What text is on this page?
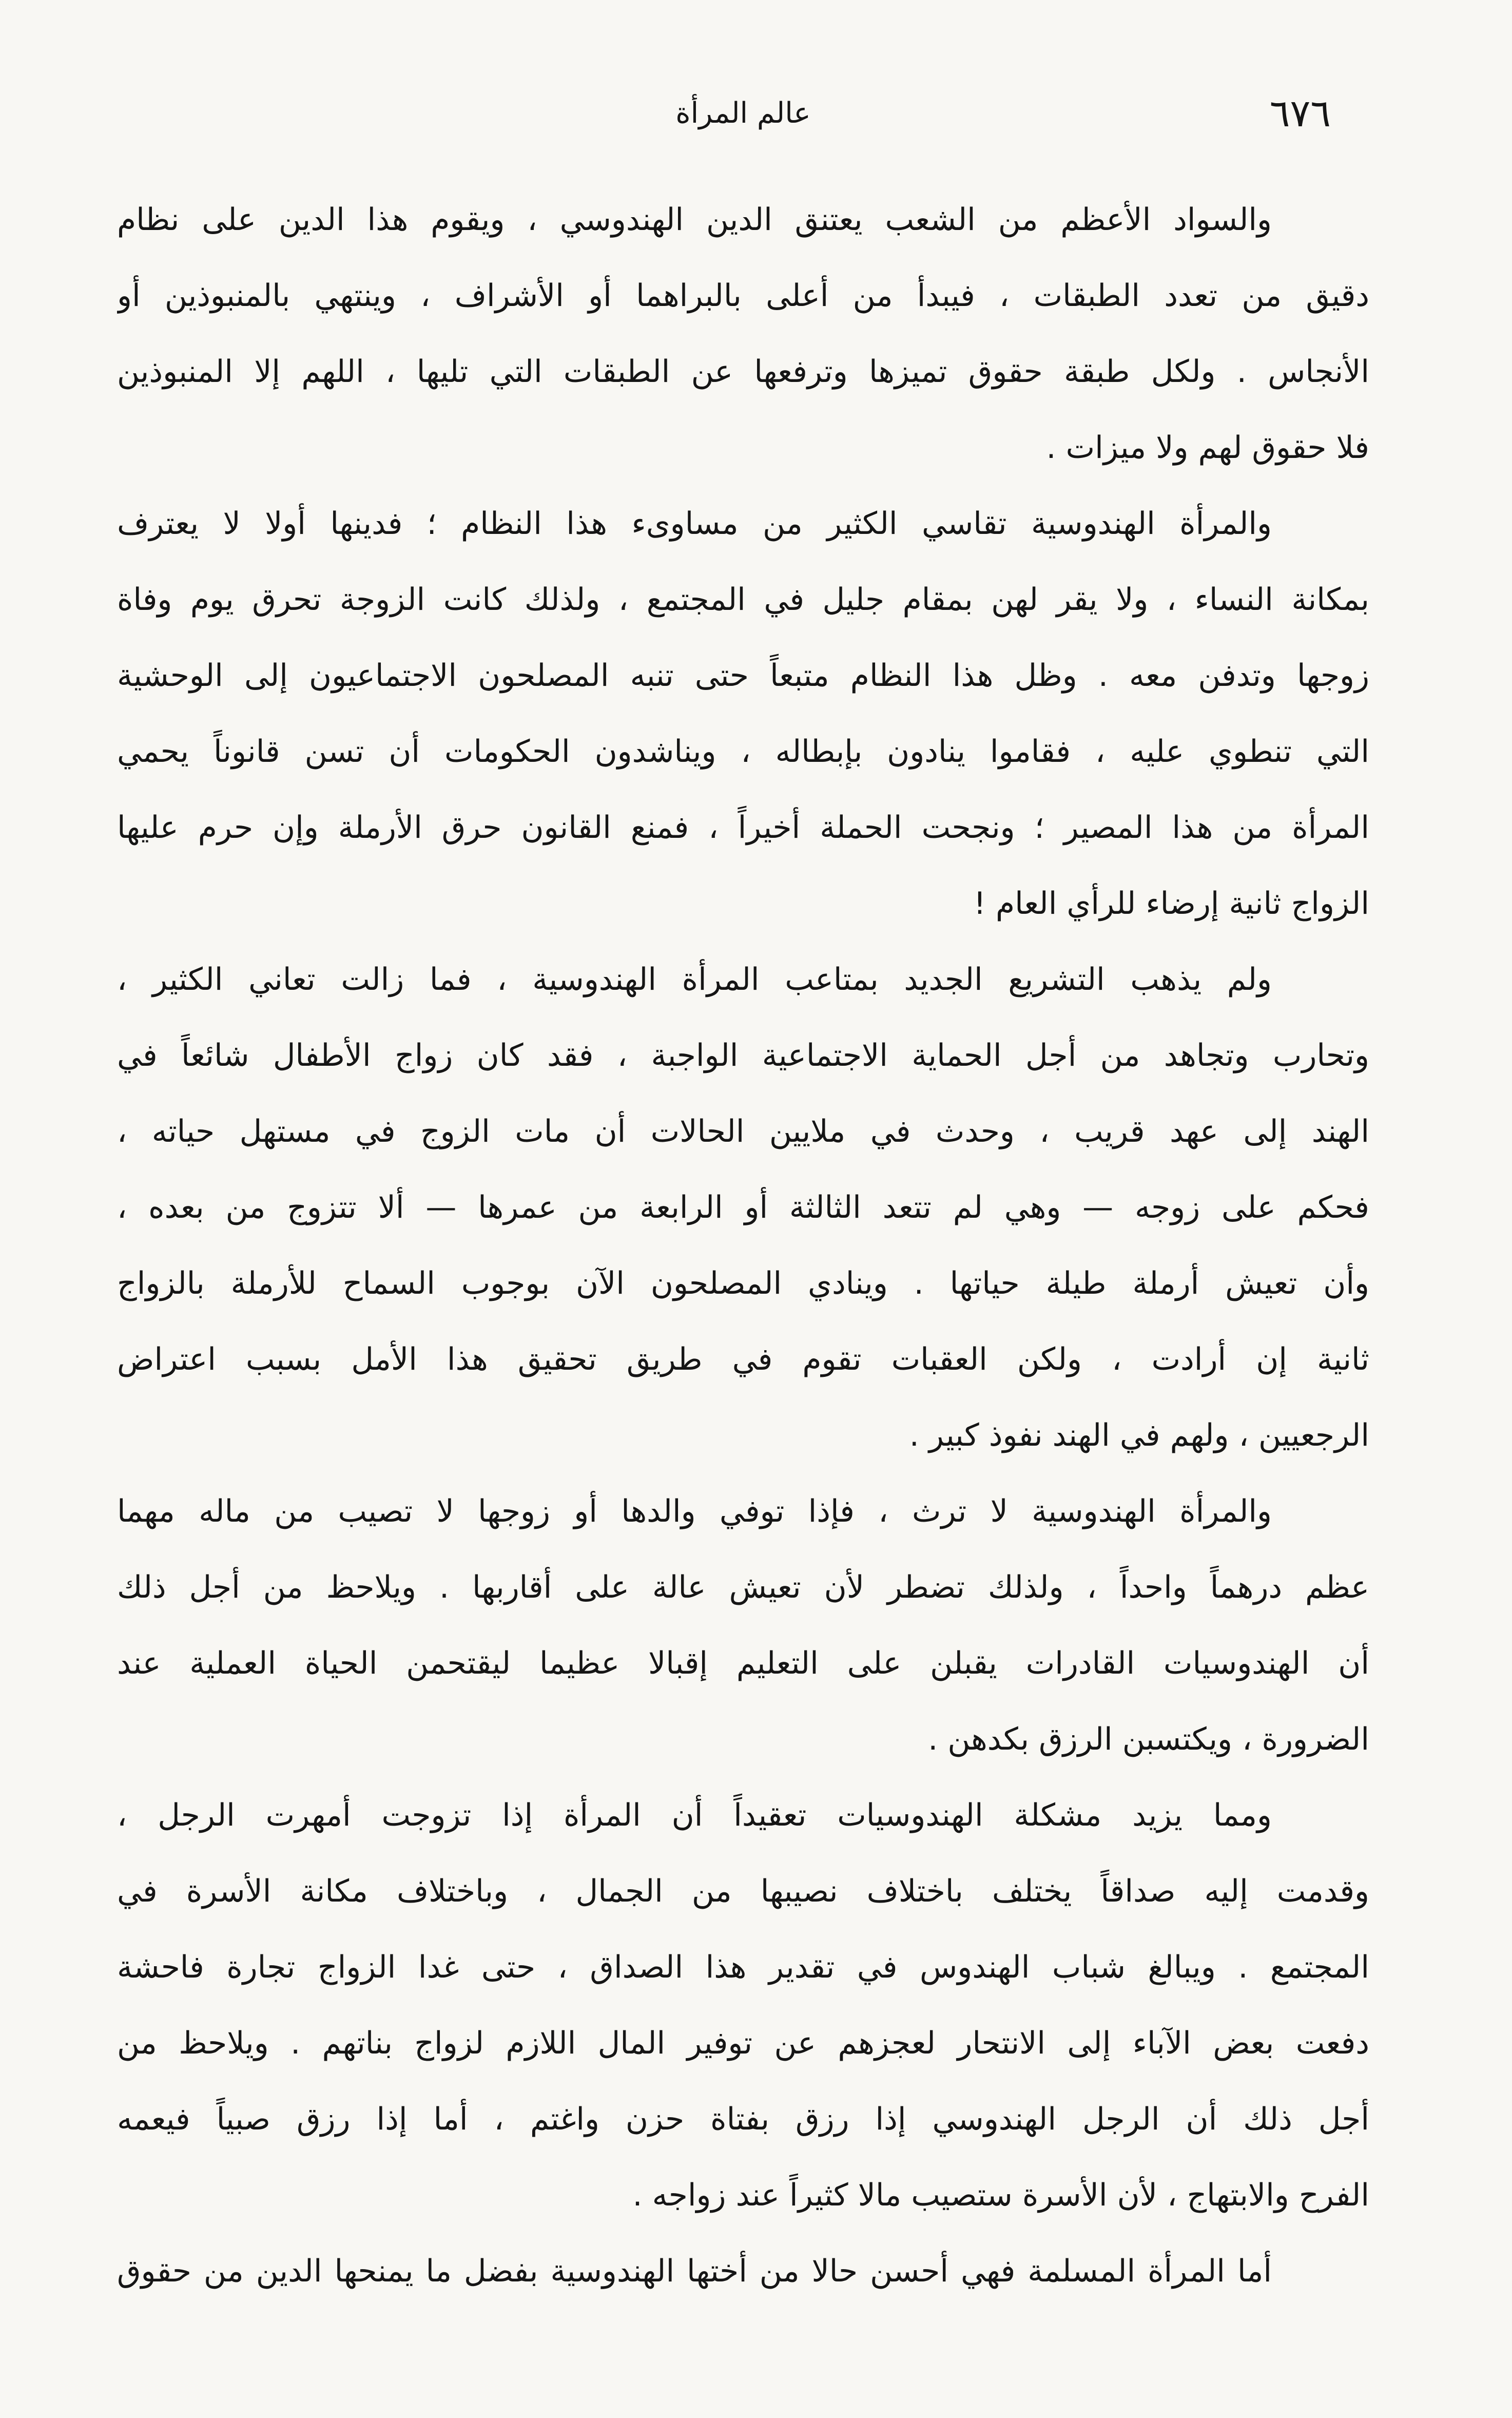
٦٧٦
عالم المرأة
والسواد الأعظم من الشعب يعتنق الدين الهندوسي ، ويقوم هذا الدين على نظام
دقيق من تعدد الطبقات ، فيبدأ من أعلى بالبراهما أو الأشراف ، وينتهي بالمنبوذين أو
الأنجاس . ولكل طبقة حقوق تميزها وترفعها عن الطبقات التي تليها ، اللهم إلا المنبوذين
فلا حقوق لهم ولا ميزات .
والمرأة الهندوسية تقاسي الكثير من مساوىء هذا النظام ؛ فدينها أولا لا يعترف
بمكانة النساء ، ولا يقر لهن بمقام جليل في المجتمع ، ولذلك كانت الزوجة تحرق يوم وفاة
زوجها وتدفن معه . وظل هذا النظام متبعاً حتى تنبه المصلحون الاجتماعيون إلى الوحشية
التي تنطوي عليه ، فقاموا ينادون بإبطاله ، ويناشدون الحكومات أن تسن قانوناً يحمي
المرأة من هذا المصير ؛ ونجحت الحملة أخيراً ، فمنع القانون حرق الأرملة وإن حرم عليها
الزواج ثانية إرضاء للرأي العام !
ولم يذهب التشريع الجديد بمتاعب المرأة الهندوسية ، فما زالت تعاني الكثير ،
وتحارب وتجاهد من أجل الحماية الاجتماعية الواجبة ، فقد كان زواج الأطفال شائعاً في
الهند إلى عهد قريب ، وحدث في ملايين الحالات أن مات الزوج في مستهل حياته ،
فحكم على زوجه — وهي لم تتعد الثالثة أو الرابعة من عمرها — ألا تتزوج من بعده ،
وأن تعيش أرملة طيلة حياتها . وينادي المصلحون الآن بوجوب السماح للأرملة بالزواج
ثانية إن أرادت ، ولكن العقبات تقوم في طريق تحقيق هذا الأمل بسبب اعتراض
الرجعيين ، ولهم في الهند نفوذ كبير .
والمرأة الهندوسية لا ترث ، فإذا توفي والدها أو زوجها لا تصيب من ماله مهما
عظم درهماً واحداً ، ولذلك تضطر لأن تعيش عالة على أقاربها . ويلاحظ من أجل ذلك
أن الهندوسيات القادرات يقبلن على التعليم إقبالا عظيما ليقتحمن الحياة العملية عند
الضرورة ، ويكتسبن الرزق بكدهن .
ومما يزيد مشكلة الهندوسيات تعقيداً أن المرأة إذا تزوجت أمهرت الرجل ،
وقدمت إليه صداقاً يختلف باختلاف نصيبها من الجمال ، وباختلاف مكانة الأسرة في
المجتمع . ويبالغ شباب الهندوس في تقدير هذا الصداق ، حتى غدا الزواج تجارة فاحشة
دفعت بعض الآباء إلى الانتحار لعجزهم عن توفير المال اللازم لزواج بناتهم . ويلاحظ من
أجل ذلك أن الرجل الهندوسي إذا رزق بفتاة حزن واغتم ، أما إذا رزق صبياً فيعمه
الفرح والابتهاج ، لأن الأسرة ستصيب مالا كثيراً عند زواجه .
أما المرأة المسلمة فهي أحسن حالا من أختها الهندوسية بفضل ما يمنحها الدين من حقوق
